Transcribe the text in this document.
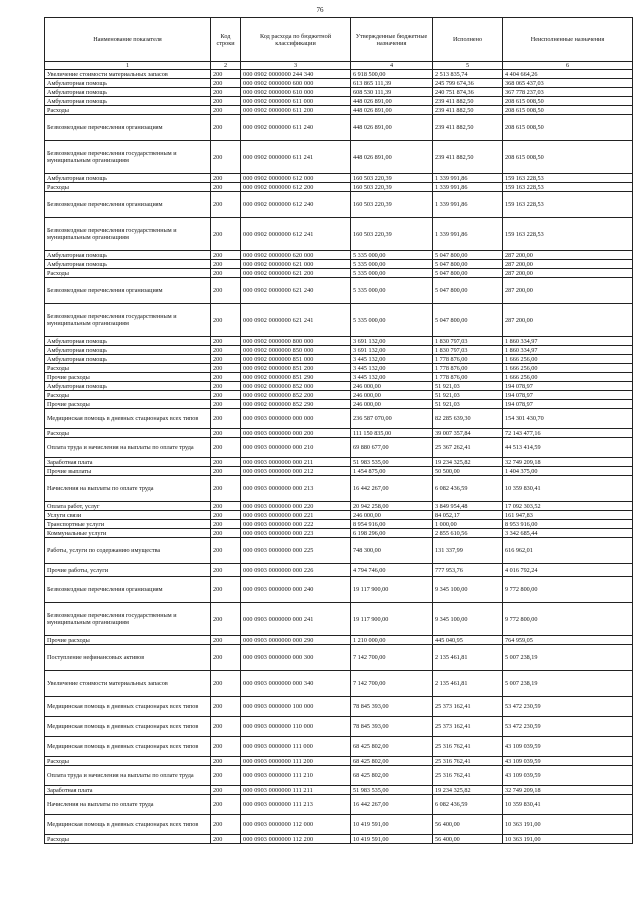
76
Наименование показателя	Код строки	Код расхода по бюджетной классификации	Утвержденные бюджетные назначения	Исполнено	Неисполненные назначения
1	2	3	4	5	6
Увеличение стоимости материальных запасов	200	000 0902 0000000 244 340	6 918 500,00	2 513 835,74	4 404 664,26
Амбулаторная помощь	200	000 0902 0000000 600 000	613 865 111,39	245 799 674,36	368 065 437,03
Амбулаторная помощь	200	000 0902 0000000 610 000	608 530 111,39	240 751 874,36	367 778 237,03
Амбулаторная помощь	200	000 0902 0000000 611 000	448 026 891,00	239 411 882,50	208 615 008,50
Расходы	200	000 0902 0000000 611 200	448 026 891,00	239 411 882,50	208 615 008,50
Безвозмездные перечисления организациям	200	000 0902 0000000 611 240	448 026 891,00	239 411 882,50	208 615 008,50
Безвозмездные перечисления государственным и муниципальным организациям	200	000 0902 0000000 611 241	448 026 891,00	239 411 882,50	208 615 008,50
Амбулаторная помощь	200	000 0902 0000000 612 000	160 503 220,39	1 339 991,86	159 163 228,53
Расходы	200	000 0902 0000000 612 200	160 503 220,39	1 339 991,86	159 163 228,53
Безвозмездные перечисления организациям	200	000 0902 0000000 612 240	160 503 220,39	1 339 991,86	159 163 228,53
Безвозмездные перечисления государственным и муниципальным организациям	200	000 0902 0000000 612 241	160 503 220,39	1 339 991,86	159 163 228,53
Амбулаторная помощь	200	000 0902 0000000 620 000	5 335 000,00	5 047 800,00	287 200,00
Амбулаторная помощь	200	000 0902 0000000 621 000	5 335 000,00	5 047 800,00	287 200,00
Расходы	200	000 0902 0000000 621 200	5 335 000,00	5 047 800,00	287 200,00
Безвозмездные перечисления организациям	200	000 0902 0000000 621 240	5 335 000,00	5 047 800,00	287 200,00
Безвозмездные перечисления государственным и муниципальным организациям	200	000 0902 0000000 621 241	5 335 000,00	5 047 800,00	287 200,00
Амбулаторная помощь	200	000 0902 0000000 800 000	3 691 132,00	1 830 797,03	1 860 334,97
Амбулаторная помощь	200	000 0902 0000000 850 000	3 691 132,00	1 830 797,03	1 860 334,97
Амбулаторная помощь	200	000 0902 0000000 851 000	3 445 132,00	1 778 876,00	1 666 256,00
Расходы	200	000 0902 0000000 851 200	3 445 132,00	1 778 876,00	1 666 256,00
Прочие расходы	200	000 0902 0000000 851 290	3 445 132,00	1 778 876,00	1 666 256,00
Амбулаторная помощь	200	000 0902 0000000 852 000	246 000,00	51 921,03	194 078,97
Расходы	200	000 0902 0000000 852 200	246 000,00	51 921,03	194 078,97
Прочие расходы	200	000 0902 0000000 852 290	246 000,00	51 921,03	194 078,97
Медицинская помощь в дневных стационарах всех типов	200	000 0903 0000000 000 000	236 587 070,00	82 285 639,30	154 301 430,70
Расходы	200	000 0903 0000000 000 200	111 150 835,00	39 007 357,84	72 143 477,16
Оплата труда и начисления на выплаты по оплате труда	200	000 0903 0000000 000 210	69 880 677,00	25 367 262,41	44 513 414,59
Заработная плата	200	000 0903 0000000 000 211	51 983 535,00	19 234 325,82	32 749 209,18
Прочие выплаты	200	000 0903 0000000 000 212	1 454 875,00	50 500,00	1 404 375,00
Начисления на выплаты по оплате труда	200	000 0903 0000000 000 213	16 442 267,00	6 082 436,59	10 359 830,41
Оплата работ, услуг	200	000 0903 0000000 000 220	20 942 258,00	3 849 954,48	17 092 303,52
Услуги связи	200	000 0903 0000000 000 221	246 000,00	84 052,17	161 947,83
Транспортные услуги	200	000 0903 0000000 000 222	8 954 916,00	1 000,00	8 953 916,00
Коммунальные услуги	200	000 0903 0000000 000 223	6 198 296,00	2 855 610,56	3 342 685,44
Работы, услуги по содержанию имущества	200	000 0903 0000000 000 225	748 300,00	131 337,99	616 962,01
Прочие работы, услуги	200	000 0903 0000000 000 226	4 794 746,00	777 953,76	4 016 792,24
Безвозмездные перечисления организациям	200	000 0903 0000000 000 240	19 117 900,00	9 345 100,00	9 772 800,00
Безвозмездные перечисления государственным и муниципальным организациям	200	000 0903 0000000 000 241	19 117 900,00	9 345 100,00	9 772 800,00
Прочие расходы	200	000 0903 0000000 000 290	1 210 000,00	445 040,95	764 959,05
Поступление нефинансовых активов	200	000 0903 0000000 000 300	7 142 700,00	2 135 461,81	5 007 238,19
Увеличение стоимости материальных запасов	200	000 0903 0000000 000 340	7 142 700,00	2 135 461,81	5 007 238,19
Медицинская помощь в дневных стационарах всех типов	200	000 0903 0000000 100 000	78 845 393,00	25 373 162,41	53 472 230,59
Медицинская помощь в дневных стационарах всех типов	200	000 0903 0000000 110 000	78 845 393,00	25 373 162,41	53 472 230,59
Медицинская помощь в дневных стационарах всех типов	200	000 0903 0000000 111 000	68 425 802,00	25 316 762,41	43 109 039,59
Расходы	200	000 0903 0000000 111 200	68 425 802,00	25 316 762,41	43 109 039,59
Оплата труда и начисления на выплаты по оплате труда	200	000 0903 0000000 111 210	68 425 802,00	25 316 762,41	43 109 039,59
Заработная плата	200	000 0903 0000000 111 211	51 983 535,00	19 234 325,82	32 749 209,18
Начисления на выплаты по оплате труда	200	000 0903 0000000 111 213	16 442 267,00	6 082 436,59	10 359 830,41
Медицинская помощь в дневных стационарах всех типов	200	000 0903 0000000 112 000	10 419 591,00	56 400,00	10 363 191,00
Расходы	200	000 0903 0000000 112 200	10 419 591,00	56 400,00	10 363 191,00
